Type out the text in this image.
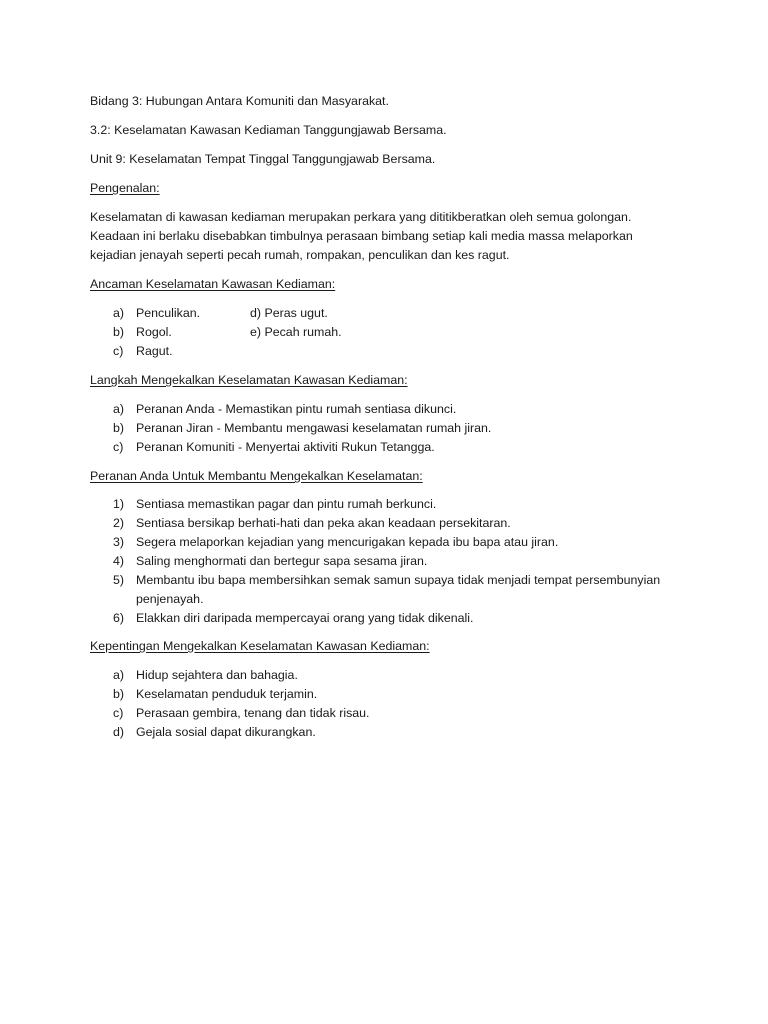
Bidang 3: Hubungan Antara Komuniti dan Masyarakat.
3.2: Keselamatan Kawasan Kediaman Tanggungjawab Bersama.
Unit 9: Keselamatan Tempat Tinggal Tanggungjawab Bersama.
Pengenalan:
Keselamatan di kawasan kediaman merupakan perkara yang dititikberatkan oleh semua golongan.
Keadaan ini berlaku disebabkan timbulnya perasaan bimbang setiap kali media massa melaporkan
kejadian jenayah seperti pecah rumah, rompakan, penculikan dan kes ragut.
Ancaman Keselamatan Kawasan Kediaman:
a) Penculikan.	d) Peras ugut.
b) Rogol.	e) Pecah rumah.
c) Ragut.
Langkah Mengekalkan Keselamatan Kawasan Kediaman:
a) Peranan Anda - Memastikan pintu rumah sentiasa dikunci.
b) Peranan Jiran - Membantu mengawasi keselamatan rumah jiran.
c) Peranan Komuniti - Menyertai aktiviti Rukun Tetangga.
Peranan Anda Untuk Membantu Mengekalkan Keselamatan:
1) Sentiasa memastikan pagar dan pintu rumah berkunci.
2) Sentiasa bersikap berhati-hati dan peka akan keadaan persekitaran.
3) Segera melaporkan kejadian yang mencurigakan kepada ibu bapa atau jiran.
4) Saling menghormati dan bertegur sapa sesama jiran.
5) Membantu ibu bapa membersihkan semak samun supaya tidak menjadi tempat persembunyian penjenayah.
6) Elakkan diri daripada mempercayai orang yang tidak dikenali.
Kepentingan Mengekalkan Keselamatan Kawasan Kediaman:
a) Hidup sejahtera dan bahagia.
b) Keselamatan penduduk terjamin.
c) Perasaan gembira, tenang dan tidak risau.
d) Gejala sosial dapat dikurangkan.
